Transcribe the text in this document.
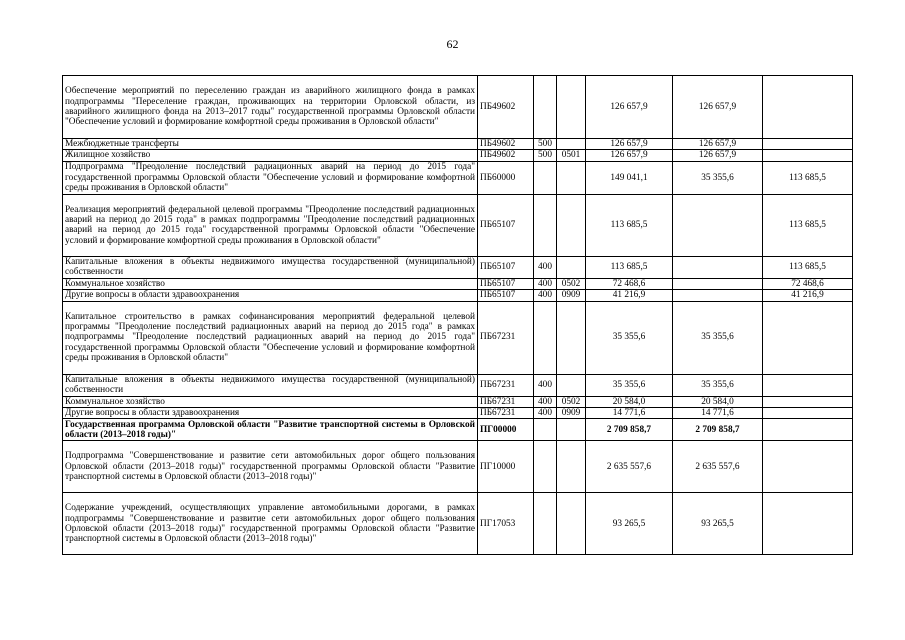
62
Обеспечение мероприятий по переселению граждан из аварийного жилищного фонда в рамках подпрограммы "Переселение граждан, проживающих на территории Орловской области, из аварийного жилищного фонда на 2013–2017 годы" государственной программы Орловской области "Обеспечение условий и формирование комфортной среды проживания в Орловской области"	ПБ49602			126 657,9	126 657,9	
Межбюджетные трансферты	ПБ49602	500		126 657,9	126 657,9	
Жилищное хозяйство	ПБ49602	500	0501	126 657,9	126 657,9	
Подпрограмма "Преодоление последствий радиационных аварий на период до 2015 года" государственной программы Орловской области "Обеспечение условий и формирование комфортной среды проживания в Орловской области"	ПБ60000			149 041,1	35 355,6	113 685,5
Реализация мероприятий федеральной целевой программы "Преодоление последствий радиационных аварий на период до 2015 года" в рамках подпрограммы "Преодоление последствий радиационных аварий на период до 2015 года" государственной программы Орловской области "Обеспечение условий и формирование комфортной среды проживания в Орловской области"	ПБ65107			113 685,5		113 685,5
Капитальные вложения в объекты недвижимого имущества государственной (муниципальной) собственности	ПБ65107	400		113 685,5		113 685,5
Коммунальное хозяйство	ПБ65107	400	0502	72 468,6		72 468,6
Другие вопросы в области здравоохранения	ПБ65107	400	0909	41 216,9		41 216,9
Капитальное строительство в рамках софинансирования мероприятий федеральной целевой программы "Преодоление последствий радиационных аварий на период до 2015 года" в рамках подпрограммы "Преодоление последствий радиационных аварий на период до 2015 года" государственной программы Орловской области "Обеспечение условий и формирование комфортной среды проживания в Орловской области"	ПБ67231			35 355,6	35 355,6	
Капитальные вложения в объекты недвижимого имущества государственной (муниципальной) собственности	ПБ67231	400		35 355,6	35 355,6	
Коммунальное хозяйство	ПБ67231	400	0502	20 584,0	20 584,0	
Другие вопросы в области здравоохранения	ПБ67231	400	0909	14 771,6	14 771,6	
Государственная программа Орловской области "Развитие транспортной системы в Орловской области (2013–2018 годы)"	ПГ00000			2 709 858,7	2 709 858,7	
Подпрограмма "Совершенствование и развитие сети автомобильных дорог общего пользования Орловской области (2013–2018 годы)" государственной программы Орловской области "Развитие транспортной системы в Орловской области (2013–2018 годы)"	ПГ10000			2 635 557,6	2 635 557,6	
Содержание учреждений, осуществляющих управление автомобильными дорогами, в рамках подпрограммы "Совершенствование и развитие сети автомобильных дорог общего пользования Орловской области (2013–2018 годы)" государственной программы Орловской области "Развитие транспортной системы в Орловской области (2013–2018 годы)"	ПГ17053			93 265,5	93 265,5	
